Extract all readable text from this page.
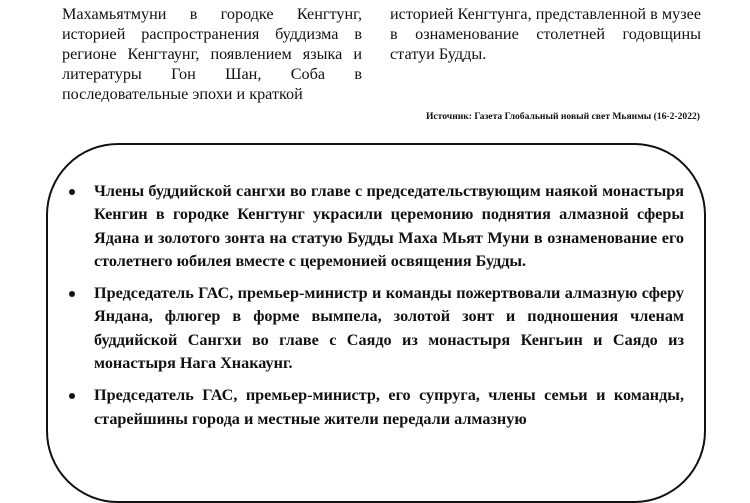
Махамьятмуни в городке Кенгтунг, историей распространения буддизма в регионе Кенгтаунг, появлением языка и литературы Гон Шан, Соба в последовательные эпохи и краткой

историей Кенгтунга, представленной в музее в ознаменование столетней годовщины статуи Будды.

Источник: Газета Глобальный новый свет Мьянмы (16-2-2022)

Члены буддийской сангхи во главе с председательствующим наякой монастыря Кенгин в городке Кенгтунг украсили церемонию поднятия алмазной сферы Ядана и золотого зонта на статую Будды Маха Мьят Муни в ознаменование его столетнего юбилея вместе с церемонией освящения Будды.
Председатель ГАС, премьер-министр и команды пожертвовали алмазную сферу Яндана, флюгер в форме вымпела, золотой зонт и подношения членам буддийской Сангхи во главе с Саядо из монастыря Кенгьин и Саядо из монастыря Нага Хнакаунг.
Председатель ГАС, премьер-министр, его супруга, члены семьи и команды, старейшины города и местные жители передали алмазную
